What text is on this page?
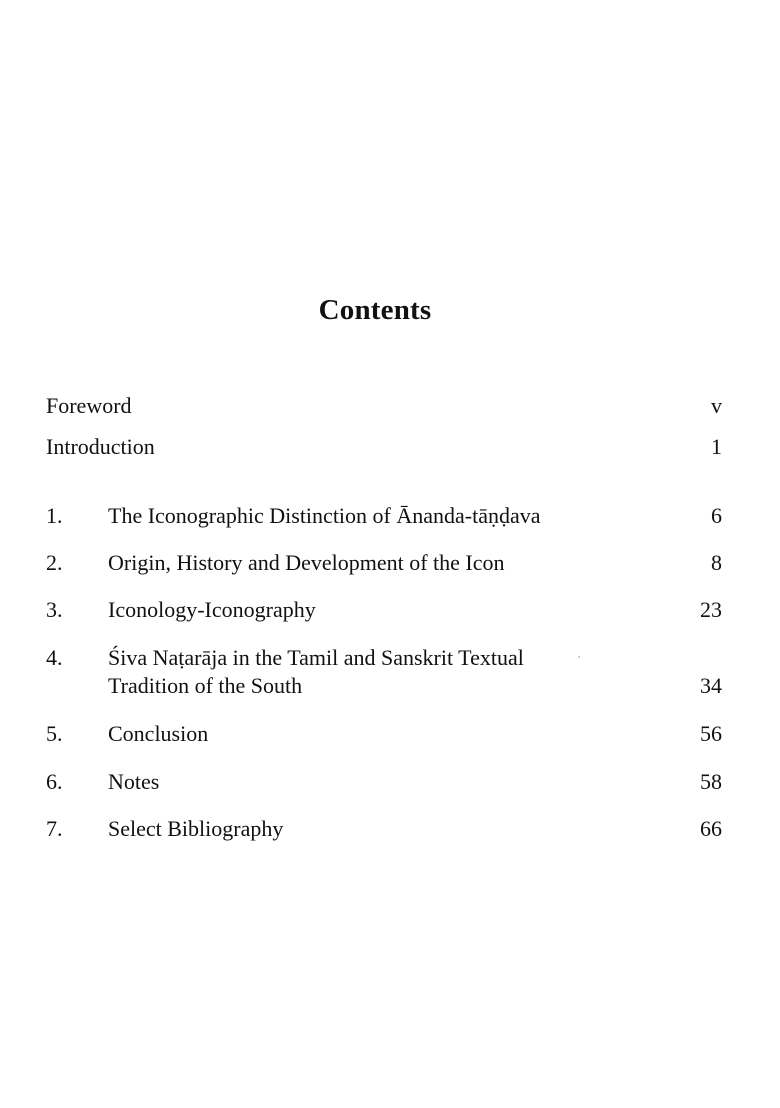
Contents
Foreword	v
Introduction	1
1. The Iconographic Distinction of Ānanda-tāṇḍava	6
2. Origin, History and Development of the Icon	8
3. Iconology-Iconography	23
4. Śiva Naṭarāja in the Tamil and Sanskrit Textual
Tradition of the South	34
5. Conclusion	56
6. Notes	58
7. Select Bibliography	66
